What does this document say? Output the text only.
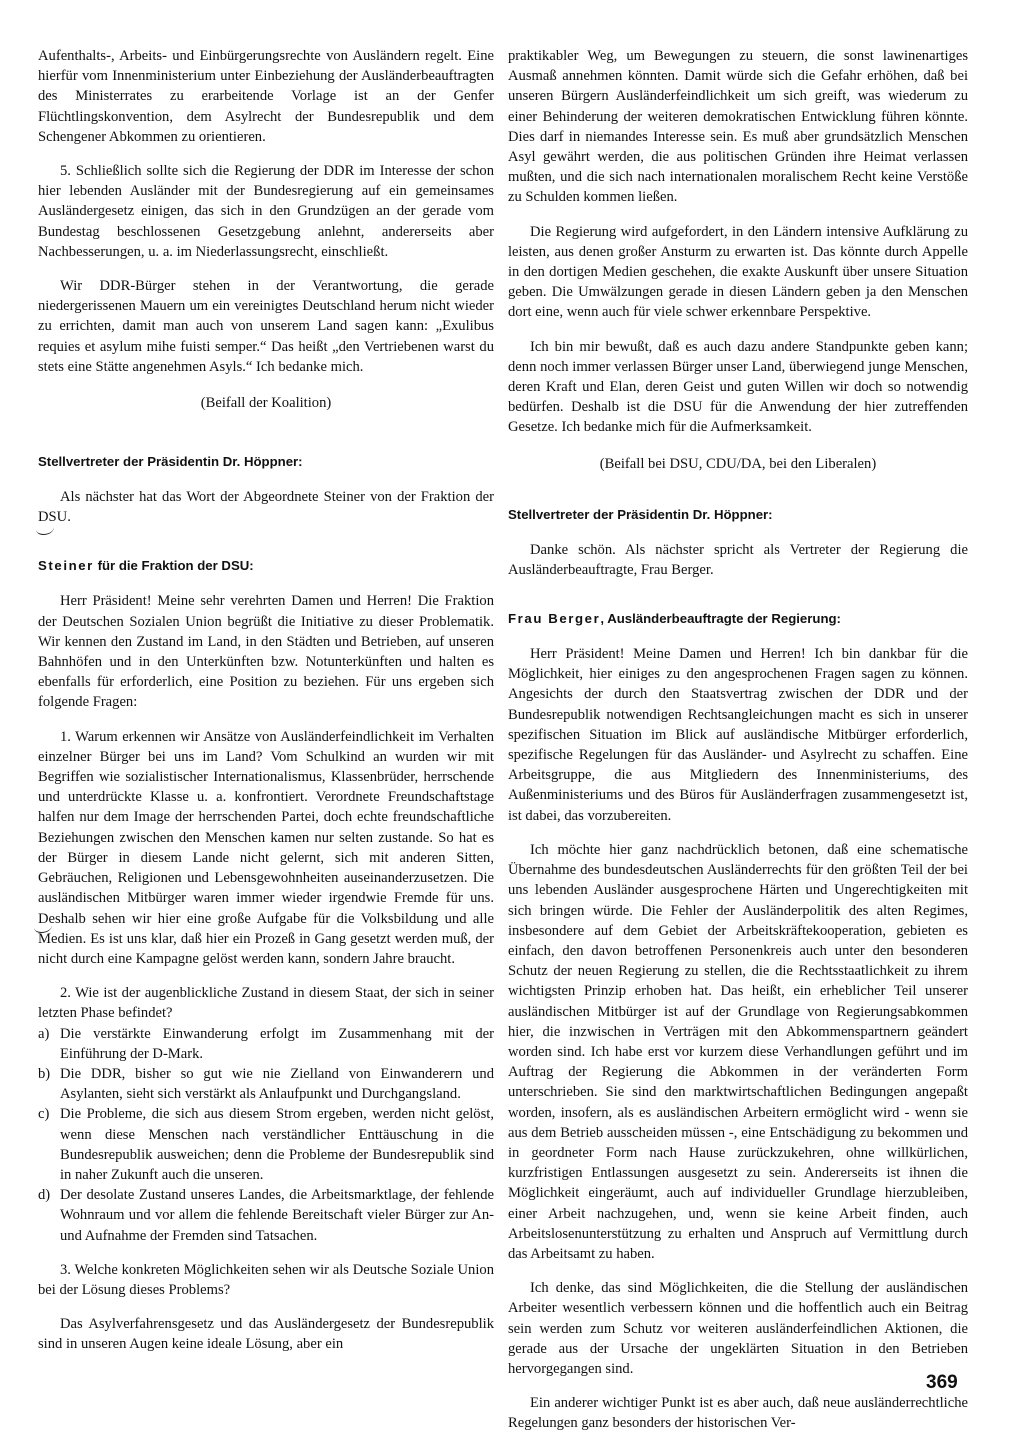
Aufenthalts-, Arbeits- und Einbürgerungsrechte von Ausländern regelt. Eine hierfür vom Innenministerium unter Einbeziehung der Ausländerbeauftragten des Ministerrates zu erarbeitende Vorlage ist an der Genfer Flüchtlingskonvention, dem Asylrecht der Bundesrepublik und dem Schengener Abkommen zu orientieren.

5. Schließlich sollte sich die Regierung der DDR im Interesse der schon hier lebenden Ausländer mit der Bundesregierung auf ein gemeinsames Ausländergesetz einigen, das sich in den Grundzügen an der gerade vom Bundestag beschlossenen Gesetzgebung anlehnt, andererseits aber Nachbesserungen, u. a. im Niederlassungsrecht, einschließt.

Wir DDR-Bürger stehen in der Verantwortung, die gerade niedergerissenen Mauern um ein vereinigtes Deutschland herum nicht wieder zu errichten, damit man auch von unserem Land sagen kann: „Exulibus requies et asylum mihe fuisti semper.“ Das heißt „den Vertriebenen warst du stets eine Stätte angenehmen Asyls.“ Ich bedanke mich.

(Beifall der Koalition)
Stellvertreter der Präsidentin Dr. Höppner:

Als nächster hat das Wort der Abgeordnete Steiner von der Fraktion der DSU.

Steiner für die Fraktion der DSU:

Herr Präsident! Meine sehr verehrten Damen und Herren! Die Fraktion der Deutschen Sozialen Union begrüßt die Initiative zu dieser Problematik. Wir kennen den Zustand im Land, in den Städten und Betrieben, auf unseren Bahnhöfen und in den Unterkünften bzw. Notunterkünften und halten es ebenfalls für erforderlich, eine Position zu beziehen. Für uns ergeben sich folgende Fragen:

1. Warum erkennen wir Ansätze von Ausländerfeindlichkeit im Verhalten einzelner Bürger bei uns im Land? Vom Schulkind an wurden wir mit Begriffen wie sozialistischer Internationalismus, Klassenbrüder, herrschende und unterdrückte Klasse u. a. konfrontiert. Verordnete Freundschaftstage halfen nur dem Image der herrschenden Partei, doch echte freundschaftliche Beziehungen zwischen den Menschen kamen nur selten zustande. So hat es der Bürger in diesem Lande nicht gelernt, sich mit anderen Sitten, Gebräuchen, Religionen und Lebensgewohnheiten auseinanderzusetzen. Die ausländischen Mitbürger waren immer wieder irgendwie Fremde für uns. Deshalb sehen wir hier eine große Aufgabe für die Volksbildung und alle Medien. Es ist uns klar, daß hier ein Prozeß in Gang gesetzt werden muß, der nicht durch eine Kampagne gelöst werden kann, sondern Jahre braucht.

2. Wie ist der augenblickliche Zustand in diesem Staat, der sich in seiner letzten Phase befindet?

a) Die verstärkte Einwanderung erfolgt im Zusammenhang mit der Einführung der D-Mark.
b) Die DDR, bisher so gut wie nie Zielland von Einwanderern und Asylanten, sieht sich verstärkt als Anlaufpunkt und Durchgangsland.
c) Die Probleme, die sich aus diesem Strom ergeben, werden nicht gelöst, wenn diese Menschen nach verständlicher Enttäuschung in die Bundesrepublik ausweichen; denn die Probleme der Bundesrepublik sind in naher Zukunft auch die unseren.
d) Der desolate Zustand unseres Landes, die Arbeitsmarktlage, der fehlende Wohnraum und vor allem die fehlende Bereitschaft vieler Bürger zur An- und Aufnahme der Fremden sind Tatsachen.

3. Welche konkreten Möglichkeiten sehen wir als Deutsche Soziale Union bei der Lösung dieses Problems?

Das Asylverfahrensgesetz und das Ausländergesetz der Bundesrepublik sind in unseren Augen keine ideale Lösung, aber ein

praktikabler Weg, um Bewegungen zu steuern, die sonst lawinenartiges Ausmaß annehmen könnten. Damit würde sich die Gefahr erhöhen, daß bei unseren Bürgern Ausländerfeindlichkeit um sich greift, was wiederum zu einer Behinderung der weiteren demokratischen Entwicklung führen könnte. Dies darf in niemandes Interesse sein. Es muß aber grundsätzlich Menschen Asyl gewährt werden, die aus politischen Gründen ihre Heimat verlassen mußten, und die sich nach internationalen moralischem Recht keine Verstöße zu Schulden kommen ließen.

Die Regierung wird aufgefordert, in den Ländern intensive Aufklärung zu leisten, aus denen großer Ansturm zu erwarten ist. Das könnte durch Appelle in den dortigen Medien geschehen, die exakte Auskunft über unsere Situation geben. Die Umwälzungen gerade in diesen Ländern geben ja den Menschen dort eine, wenn auch für viele schwer erkennbare Perspektive.

Ich bin mir bewußt, daß es auch dazu andere Standpunkte geben kann; denn noch immer verlassen Bürger unser Land, überwiegend junge Menschen, deren Kraft und Elan, deren Geist und guten Willen wir doch so notwendig bedürfen. Deshalb ist die DSU für die Anwendung der hier zutreffenden Gesetze. Ich bedanke mich für die Aufmerksamkeit.

(Beifall bei DSU, CDU/DA, bei den Liberalen)
Stellvertreter der Präsidentin Dr. Höppner:

Danke schön. Als nächster spricht als Vertreter der Regierung die Ausländerbeauftragte, Frau Berger.

Frau Berger, Ausländerbeauftragte der Regierung:

Herr Präsident! Meine Damen und Herren! Ich bin dankbar für die Möglichkeit, hier einiges zu den angesprochenen Fragen sagen zu können. Angesichts der durch den Staatsvertrag zwischen der DDR und der Bundesrepublik notwendigen Rechtsangleichungen macht es sich in unserer spezifischen Situation im Blick auf ausländische Mitbürger erforderlich, spezifische Regelungen für das Ausländer- und Asylrecht zu schaffen. Eine Arbeitsgruppe, die aus Mitgliedern des Innenministeriums, des Außenministeriums und des Büros für Ausländerfragen zusammengesetzt ist, ist dabei, das vorzubereiten.

Ich möchte hier ganz nachdrücklich betonen, daß eine schematische Übernahme des bundesdeutschen Ausländerrechts für den größten Teil der bei uns lebenden Ausländer ausgesprochene Härten und Ungerechtigkeiten mit sich bringen würde. Die Fehler der Ausländerpolitik des alten Regimes, insbesondere auf dem Gebiet der Arbeitskräftekooperation, gebieten es einfach, den davon betroffenen Personenkreis auch unter den besonderen Schutz der neuen Regierung zu stellen, die die Rechtsstaatlichkeit zu ihrem wichtigsten Prinzip erhoben hat. Das heißt, ein erheblicher Teil unserer ausländischen Mitbürger ist auf der Grundlage von Regierungsabkommen hier, die inzwischen in Verträgen mit den Abkommenspartnern geändert worden sind. Ich habe erst vor kurzem diese Verhandlungen geführt und im Auftrag der Regierung die Abkommen in der veränderten Form unterschrieben. Sie sind den marktwirtschaftlichen Bedingungen angepaßt worden, insofern, als es ausländischen Arbeitern ermöglicht wird - wenn sie aus dem Betrieb ausscheiden müssen -, eine Entschädigung zu bekommen und in geordneter Form nach Hause zurückzukehren, ohne willkürlichen, kurzfristigen Entlassungen ausgesetzt zu sein. Andererseits ist ihnen die Möglichkeit eingeräumt, auch auf individueller Grundlage hierzubleiben, einer Arbeit nachzugehen, und, wenn sie keine Arbeit finden, auch Arbeitslosenunterstützung zu erhalten und Anspruch auf Vermittlung durch das Arbeitsamt zu haben.

Ich denke, das sind Möglichkeiten, die die Stellung der ausländischen Arbeiter wesentlich verbessern können und die hoffentlich auch ein Beitrag sein werden zum Schutz vor weiteren ausländerfeindlichen Aktionen, die gerade aus der Ursache der ungeklärten Situation in den Betrieben hervorgegangen sind.

Ein anderer wichtiger Punkt ist es aber auch, daß neue ausländerrechtliche Regelungen ganz besonders der historischen Ver-

369
